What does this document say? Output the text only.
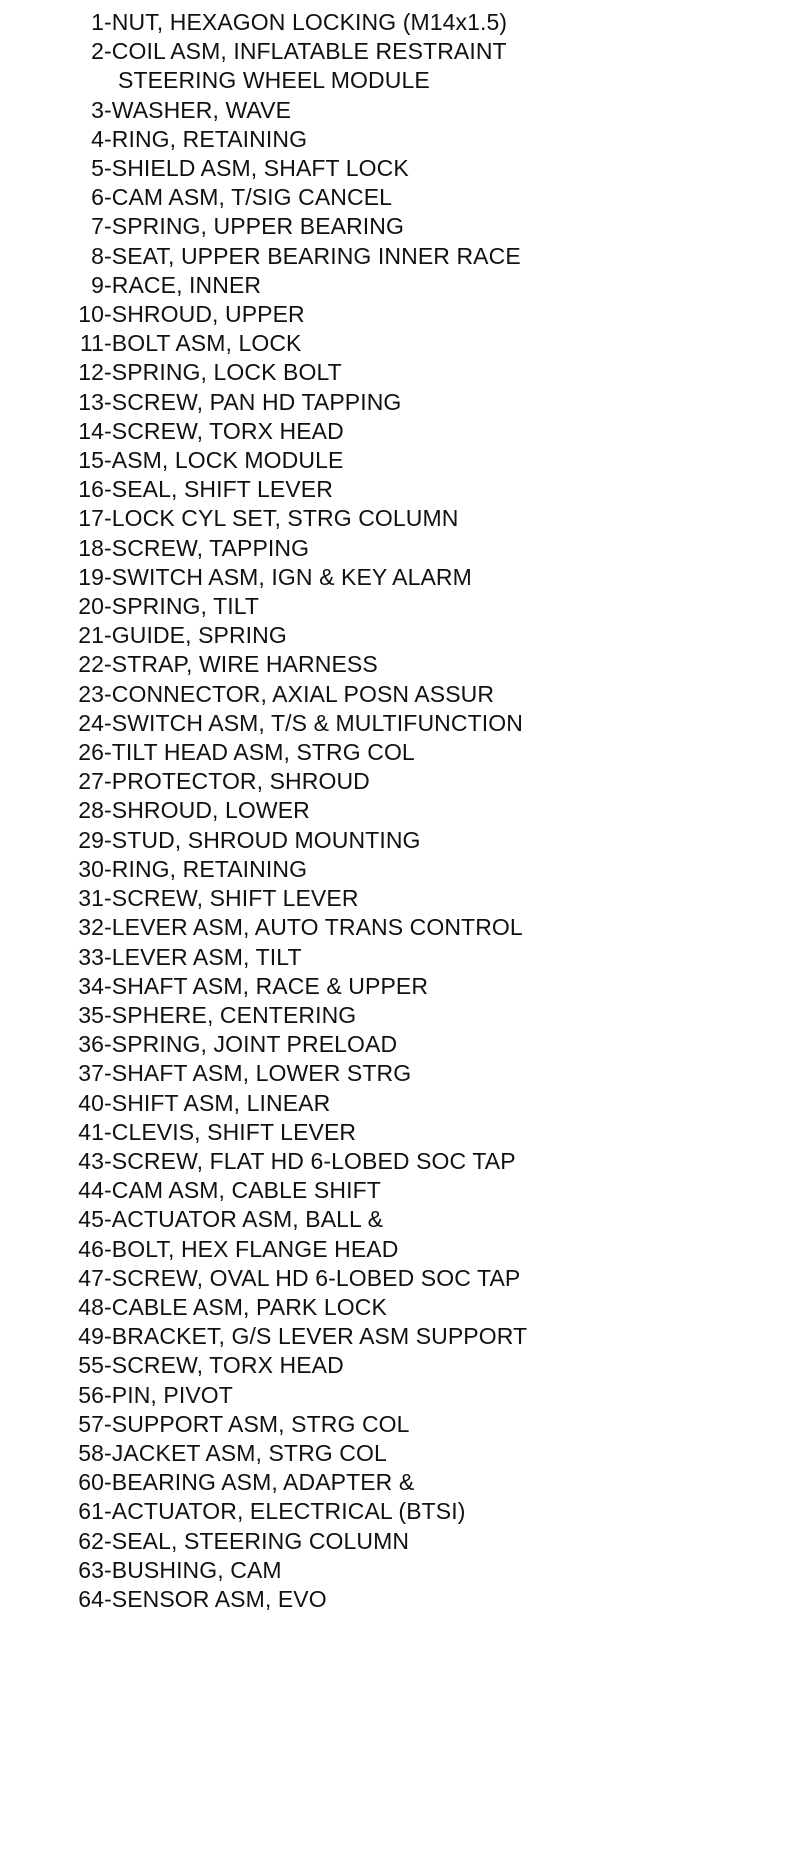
1-NUT, HEXAGON LOCKING (M14x1.5)
2-COIL ASM, INFLATABLE RESTRAINT
STEERING WHEEL MODULE
3-WASHER, WAVE
4-RING, RETAINING
5-SHIELD ASM, SHAFT LOCK
6-CAM ASM, T/SIG CANCEL
7-SPRING, UPPER BEARING
8-SEAT, UPPER BEARING INNER RACE
9-RACE, INNER
10-SHROUD, UPPER
11-BOLT ASM, LOCK
12-SPRING, LOCK BOLT
13-SCREW, PAN HD TAPPING
14-SCREW, TORX HEAD
15-ASM, LOCK MODULE
16-SEAL, SHIFT LEVER
17-LOCK CYL SET, STRG COLUMN
18-SCREW, TAPPING
19-SWITCH ASM, IGN & KEY ALARM
20-SPRING, TILT
21-GUIDE, SPRING
22-STRAP, WIRE HARNESS
23-CONNECTOR, AXIAL POSN ASSUR
24-SWITCH ASM, T/S & MULTIFUNCTION
26-TILT HEAD ASM, STRG COL
27-PROTECTOR, SHROUD
28-SHROUD, LOWER
29-STUD, SHROUD MOUNTING
30-RING, RETAINING
31-SCREW, SHIFT LEVER
32-LEVER ASM, AUTO TRANS CONTROL
33-LEVER ASM, TILT
34-SHAFT ASM, RACE & UPPER
35-SPHERE, CENTERING
36-SPRING, JOINT PRELOAD
37-SHAFT ASM, LOWER STRG
40-SHIFT ASM, LINEAR
41-CLEVIS, SHIFT LEVER
43-SCREW, FLAT HD 6-LOBED SOC TAP
44-CAM ASM, CABLE SHIFT
45-ACTUATOR ASM, BALL &
46-BOLT, HEX FLANGE HEAD
47-SCREW, OVAL HD 6-LOBED SOC TAP
48-CABLE ASM, PARK LOCK
49-BRACKET, G/S LEVER ASM SUPPORT
55-SCREW, TORX HEAD
56-PIN, PIVOT
57-SUPPORT ASM, STRG COL
58-JACKET ASM, STRG COL
60-BEARING ASM, ADAPTER &
61-ACTUATOR, ELECTRICAL (BTSI)
62-SEAL, STEERING COLUMN
63-BUSHING, CAM
64-SENSOR ASM, EVO
